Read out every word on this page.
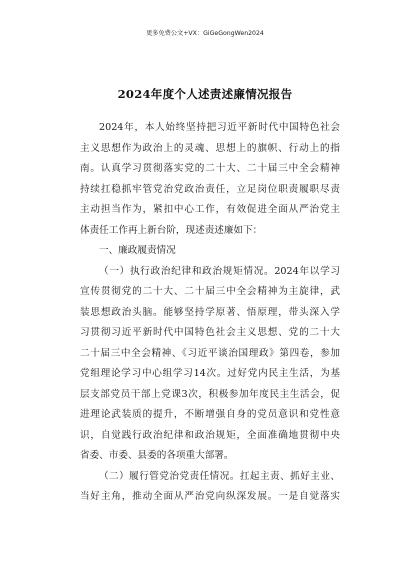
更多免费公文+VX：GiGeGongWen2024
2024年度个人述责述廉情况报告
2024年，本人始终坚持把习近平新时代中国特色社会
主义思想作为政治上的灵魂、思想上的旗帜、行动上的指
南。认真学习贯彻落实党的二十大、二十届三中全会精神
持续扛稳抓牢管党治党政治责任，立足岗位职责履职尽责
主动担当作为，紧扣中心工作，有效促进全面从严治党主
体责任工作再上新台阶，现述责述廉如下：
一、廉政履责情况
（一）执行政治纪律和政治规矩情况。2024年以学习
宣传贯彻党的二十大、二十届三中全会精神为主旋律，武
装思想政治头脑。能够坚持学原著、悟原理，带头深入学
习贯彻习近平新时代中国特色社会主义思想、党的二十大
二十届三中全会精神、《习近平谈治国理政》第四卷，参加
党组理论学习中心组学习14次。过好党内民主生活，为基
层支部党员干部上党课3次，积极参加年度民主生活会，促
进理论武装质的提升，不断增强自身的党员意识和党性意
识，自觉践行政治纪律和政治规矩，全面准确地贯彻中央
省委、市委、县委的各项重大部署。
（二）履行管党治党责任情况。扛起主责、抓好主业、
当好主角，推动全面从严治党向纵深发展。一是自觉落实
